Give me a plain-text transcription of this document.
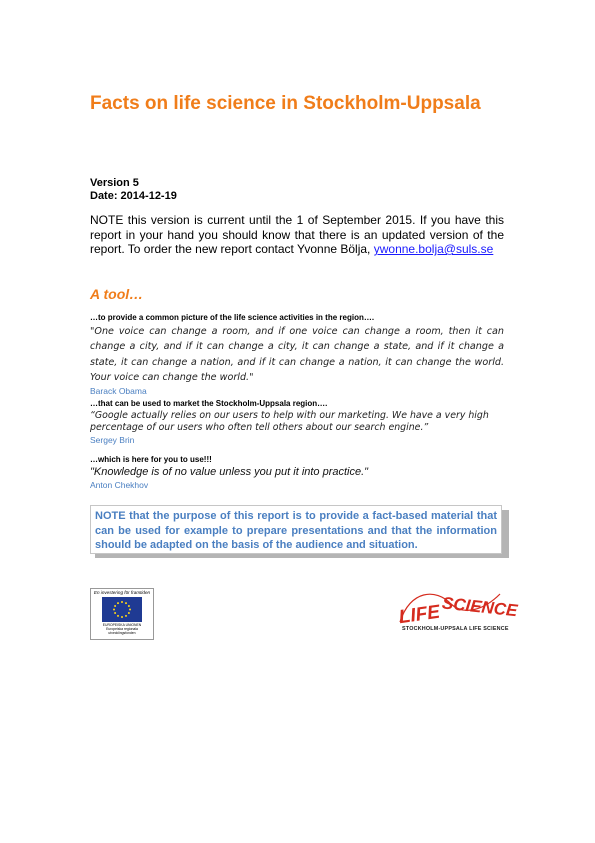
Facts on life science in Stockholm-Uppsala
Version 5
Date: 2014-12-19
NOTE this version is current until the 1 of September 2015. If you have this report in your hand you should know that there is an updated version of the report. To order the new report contact Yvonne Bölja, ywonne.bolja@suls.se
A tool…
…to provide a common picture of the life science activities in the region….
"One voice can change a room, and if one voice can change a room, then it can change a city, and if it can change a city, it can change a state, and if it change a state, it can change a nation, and if it can change a nation, it can change the world. Your voice can change the world."
Barack Obama
…that can be used to market the Stockholm-Uppsala region….
“Google actually relies on our users to help with our marketing. We have a very high percentage of our users who often tell others about our search engine.”
Sergey Brin
…which is here for you to use!!!
"Knowledge is of no value unless you put it into practice."
Anton Chekhov
NOTE that the purpose of this report is to provide a fact-based material that can be used for example to prepare presentations and that the information should be adapted on the basis of the audience and situation.
En investering för framtiden
EUROPEISKA UNIONEN
Europeiska regionala
utvecklingsfonden
LIFE SCIENCE
STOCKHOLM-UPPSALA LIFE SCIENCE
